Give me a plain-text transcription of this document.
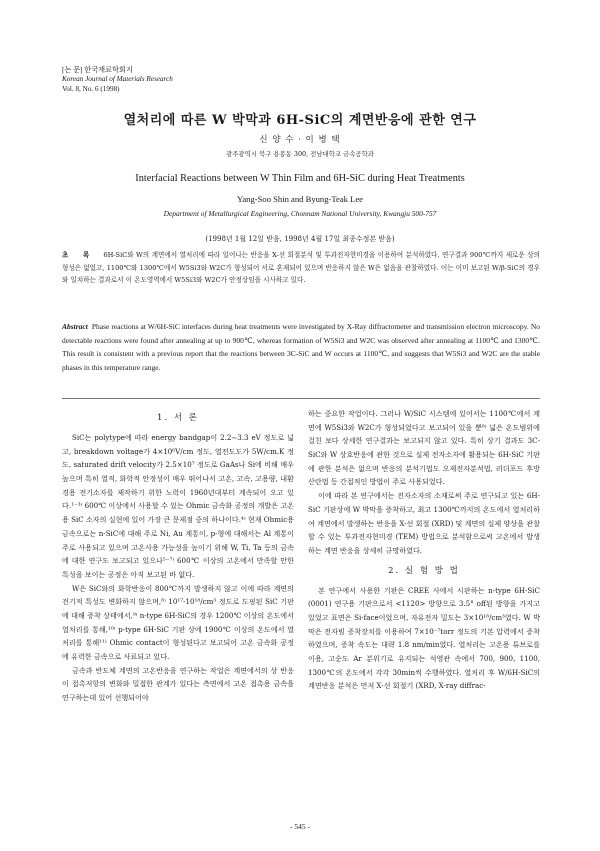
[논 문] 한국재료학회지
Korean Journal of Materials Research
Vol. 8, No. 6 (1998)
열처리에 따른 W 박막과 6H-SiC의 계면반응에 관한 연구
신 양 수 · 이 병 택
광주광역시 북구 용봉동 300, 전남대학교 금속공학과
Interfacial Reactions between W Thin Film and 6H-SiC during Heat Treatments
Yang-Soo Shin and Byung-Teak Lee
Department of Metallurgical Engineering, Chonnam National University, Kwangju 500-757
(1998년 1월 12일 받음, 1998년 4월 17일 최종수정본 받음)
초 록 6H-SiC와 W의 계면에서 열처리에 따라 일어나는 반응을 X-선 회절분석 및 투과전자현미경을 이용하여 분석하였다. 연구결과 900℃까지 새로운 상의 형성은 없었고, 1100℃와 1300℃에서 W5Si3와 W2C가 형성되어 서로 혼재되어 있으며 반응하지 않은 W은 없음을 관찰하였다. 이는 이미 보고된 W/β-SiC의 경우와 일치하는 결과로서 이 온도영역에서 W5Si3와 W2C가 안정상임을 시사하고 있다.
Abstract Phase reactions at W/6H-SiC interfaces during heat treatments were investigated by X-Ray diffractometer and transmission electron microscopy. No detectable reactions were found after annealing at up to 900℃, whereas formation of W5Si3 and W2C was observed after annealing at 1100℃ and 1300℃. This result is consistent with a previous report that the reactions between 3C-SiC and W occurs at 1100℃, and suggests that W5Si3 and W2C are the stable phases in this temperature range.
1. 서 론

SiC는 polytype에 따라 energy bandgap이 2.2∼3.3 eV 정도로 넓고, breakdown voltage가 4×10⁶V/cm 정도, 열전도도가 5W/cm.K 정도, saturated drift velocity가 2.5×10⁷ 정도로 GaAs나 Si에 비해 매우 높으며 특히 열적, 화학적 안정성이 매우 뛰어나서 고온, 고속, 고용량, 내환경용 전기소자를 제작하기 위한 노력이 1960년대부터 계속되어 오고 있다.¹⁻³⁾ 600℃ 이상에서 사용할 수 있는 Ohmic 금속화 공정의 개발은 고온용 SiC 소자의 실현에 있어 가장 큰 문제점 중의 하나이다.⁴⁾ 현재 Ohmic용 금속으로는 n-SiC에 대해 주로 Ni, Au 계통이, p-형에 대해서는 Al 계통이 주로 사용되고 있으며 고온사용 가능성을 높이기 위해 W, Ti, Ta 등의 금속에 대한 연구도 보고되고 있으나⁵⁻⁷⁾ 600℃ 이상의 고온에서 만족할 만한 특성을 보이는 공정은 아직 보고된 바 없다.

W은 SiC와의 화학반응이 800℃까지 발생하지 않고 이에 따라 계면의 전기적 특성도 변화하지 않으며,⁸⁾ 10¹⁷-10¹⁸/cm³ 정도로 도핑된 SiC 기판에 대해 증착 상태에서,⁹⁾ n-type 6H-SiC의 경우 1200℃ 이상의 온도에서 열처리를 통해,¹⁰⁾ p-type 6H-SiC 기판 상에 1900℃ 이상의 온도에서 열처리를 통해¹¹⁾ Ohmic contact이 형성된다고 보고되어 고온 금속화 공정에 유력한 금속으로 사료되고 있다.

금속과 반도체 계면의 고온반응을 연구하는 작업은 계면에서의 상 반응이 접촉저항의 변화와 밀접한 관계가 있다는 측면에서 고온 접촉용 금속을 연구하는데 있어 선행되어야

하는 중요한 작업이다. 그러나 W/SiC 시스템에 있어서는 1100℃에서 계면에 W5Si3와 W2C가 형성되었다고 보고되어 있을 뿐⁸⁾ 넓은 온도범위에 걸친 보다 상세한 연구결과는 보고되지 않고 있다. 특히 상기 결과도 3C-SiC와 W 상호반응에 관한 것으로 실제 전자소자에 활용되는 6H-SiC 기판에 관한 분석은 없으며 반응의 분석기법도 오제전자분석법, 러더포드 후방산란법 등 간접적인 방법이 주로 사용되었다.

이에 따라 본 연구에서는 전자소자의 소재로써 주로 연구되고 있는 6H-SiC 기판상에 W 박막을 증착하고, 최고 1300℃까지의 온도에서 열처리하여 계면에서 발생하는 반응을 X-선 회절 (XRD) 및 계면의 실제 양상을 관찰할 수 있는 투과전자현미경 (TEM) 방법으로 분석함으로써 고온에서 발생하는 계면 반응을 상세히 규명하였다.

2. 실 험 방 법

본 연구에서 사용한 기판은 CREE 사에서 시판하는 n-type 6H-SiC (0001) 연구용 기판으로서 <1120> 방향으로 3.5° off된 방향을 가지고 있었고 표면은 Si-face이었으며, 자유전자 밀도는 3×10¹⁸/cm³였다. W 박막은 전자빔 증착장치를 이용하여 7×10⁻⁷torr 정도의 기본 압력에서 증착하였으며, 증착 속도는 대략 1.8 nm/min였다. 열처리는 고온용 튜브로를 이용, 고순도 Ar 분위기로 유지되는 석영관 속에서 700, 900, 1100, 1300℃의 온도에서 각각 30min씩 수행하였다. 열처리 후 W/6H-SiC의 계면반응 분석은 먼저 X-선 회절기 (XRD, X-ray diffrac-

- 545 -
